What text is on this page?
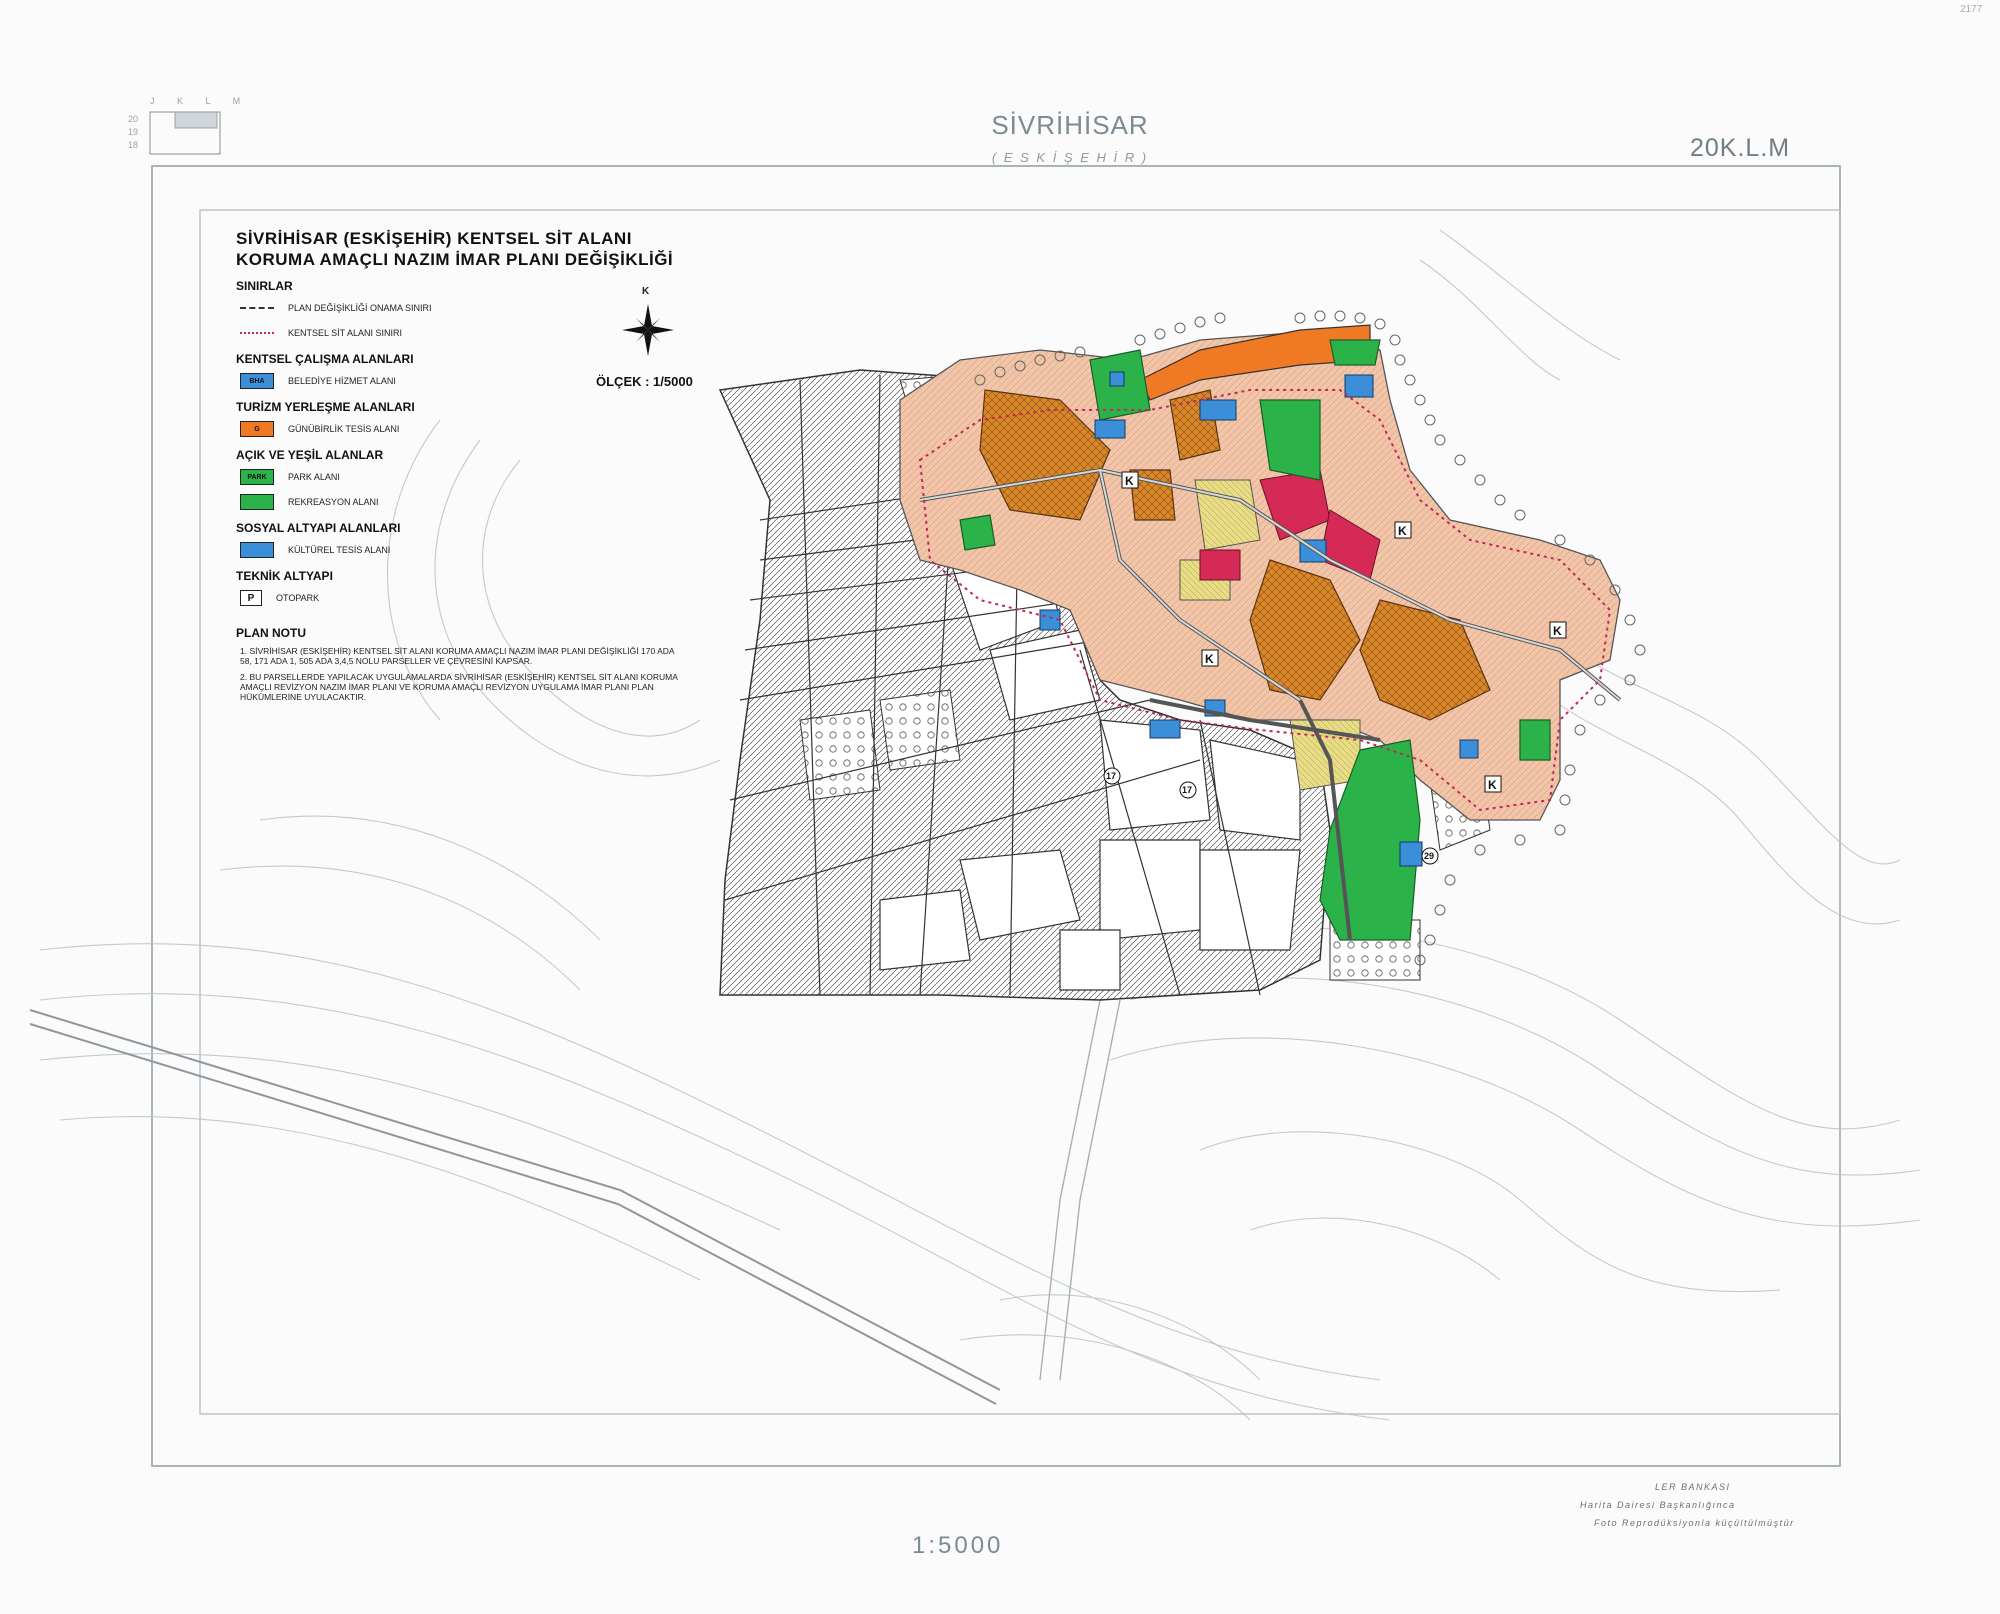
K
K
K
K
K
17
17
29
J K L M
20
19
18
SİVRİHİSAR
( E S K İ Ş E H İ R )	20K.L.M
2177
SİVRİHİSAR (ESKİŞEHİR) KENTSEL SİT ALANI
KORUMA AMAÇLI NAZIM İMAR PLANI DEĞİŞİKLİĞİ
SINIRLAR
PLAN DEĞİŞİKLİĞİ ONAMA SINIRI
KENTSEL SİT ALANI SINIRI
KENTSEL ÇALIŞMA ALANLARI
BHA	BELEDİYE HİZMET ALANI
TURİZM YERLEŞME ALANLARI
G	GÜNÜBİRLİK TESİS ALANI
AÇIK VE YEŞİL ALANLAR
PARK	PARK ALANI
REKREASYON ALANI
SOSYAL ALTYAPI ALANLARI
KÜLTÜREL TESİS ALANI
TEKNİK ALTYAPI
P	OTOPARK
PLAN NOTU
1. SİVRİHİSAR (ESKİŞEHİR) KENTSEL SİT ALANI KORUMA AMAÇLI NAZIM İMAR PLANI DEĞİŞİKLİĞİ 170 ADA 58, 171 ADA 1, 505 ADA 3,4,5 NOLU PARSELLER VE ÇEVRESİNİ KAPSAR.
2. BU PARSELLERDE YAPILACAK UYGULAMALARDA SİVRİHİSAR (ESKİŞEHİR) KENTSEL SİT ALANI KORUMA AMAÇLI REVİZYON NAZIM İMAR PLANI VE KORUMA AMAÇLI REVİZYON UYGULAMA İMAR PLANI PLAN HÜKÜMLERİNE UYULACAKTIR.
K
ÖLÇEK : 1/5000
LER BANKASI
Harita Dairesi Başkanlığınca
Foto Reprodüksiyonla küçültülmüştür
1:5000
